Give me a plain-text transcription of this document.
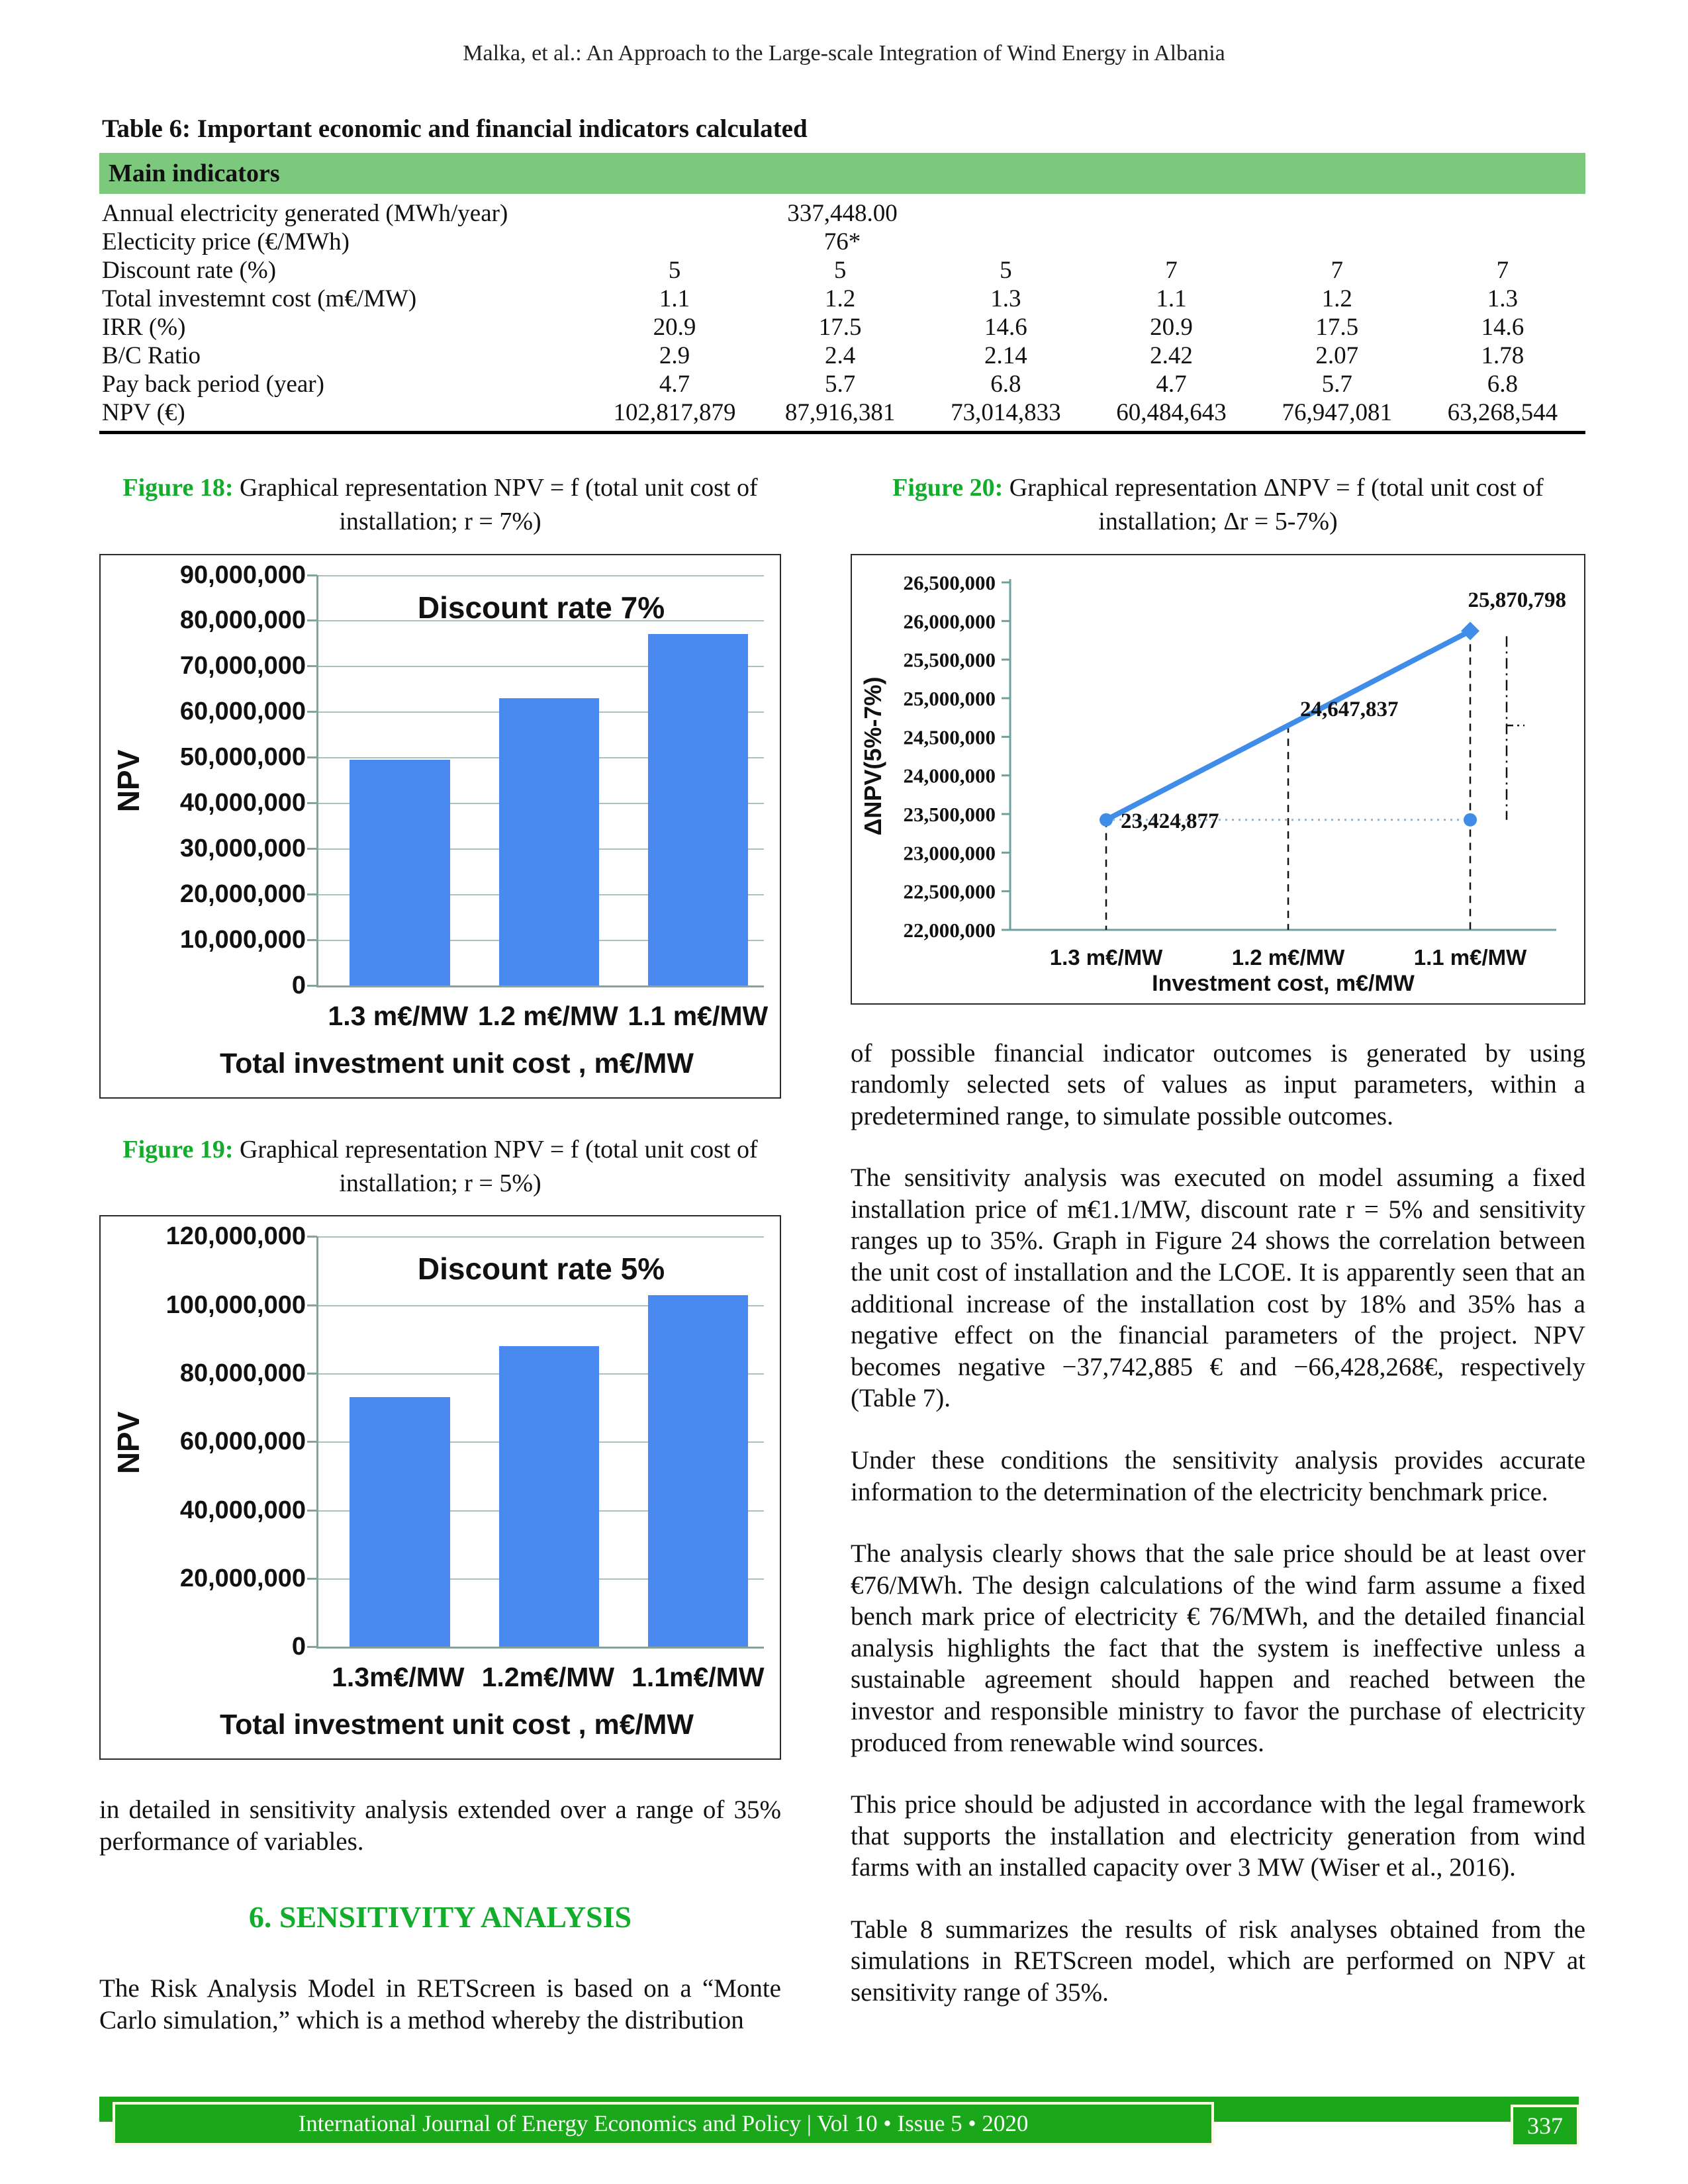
Malka, et al.: An Approach to the Large-scale Integration of Wind Energy in Albania
Table 6: Important economic and financial indicators calculated
Main indicators
Annual electricity generated (MWh/year)	337,448.00
Electicity price (€/MWh)	76*
Discount rate (%)	5	5	5	7	7	7
Total investemnt cost (m€/MW)	1.1	1.2	1.3	1.1	1.2	1.3
IRR (%)	20.9	17.5	14.6	20.9	17.5	14.6
B/C Ratio	2.9	2.4	2.14	2.42	2.07	1.78
Pay back period (year)	4.7	5.7	6.8	4.7	5.7	6.8
NPV (€)	102,817,879	87,916,381	73,014,833	60,484,643	76,947,081	63,268,544
Figure 18: Graphical representation NPV = f (total unit cost of
installation; r = 7%)
NPV
90,000,000
80,000,000
70,000,000
60,000,000
50,000,000
40,000,000
30,000,000
20,000,000
10,000,000
0
Discount rate 7%
1.3 m€/MW 1.2 m€/MW 1.1 m€/MW
Total investment unit cost , m€/MW
Figure 19: Graphical representation NPV = f (total unit cost of
installation; r = 5%)
NPV
120,000,000
100,000,000
80,000,000
60,000,000
40,000,000
20,000,000
0
Discount rate 5%
1.3m€/MW 1.2m€/MW 1.1m€/MW
Total investment unit cost , m€/MW

in detailed in sensitivity analysis extended over a range of 35% performance of variables.

6. SENSITIVITY ANALYSIS

The Risk Analysis Model in RETScreen is based on a “Monte Carlo simulation,” which is a method whereby the distribution

Figure 20: Graphical representation ΔNPV = f (total unit cost of
installation; Δr = 5-7%)
26,500,000
26,000,000
25,500,000
25,000,000
24,500,000
24,000,000
23,500,000
23,000,000
22,500,000
22,000,000
23,424,877
24,647,837
25,870,798
1.3 m€/MW	1.2 m€/MW	1.1 m€/MW
Investment cost, m€/MW
ΔNPV(5%-7%)

of possible financial indicator outcomes is generated by using randomly selected sets of values as input parameters, within a predetermined range, to simulate possible outcomes.

The sensitivity analysis was executed on model assuming a fixed installation price of m€1.1/MW, discount rate r = 5% and sensitivity ranges up to 35%. Graph in Figure 24 shows the correlation between the unit cost of installation and the LCOE. It is apparently seen that an additional increase of the installation cost by 18% and 35% has a negative effect on the financial parameters of the project. NPV becomes negative −37,742,885 € and −66,428,268€, respectively (Table 7).

Under these conditions the sensitivity analysis provides accurate information to the determination of the electricity benchmark price.

The analysis clearly shows that the sale price should be at least over €76/MWh. The design calculations of the wind farm assume a fixed bench mark price of electricity € 76/MWh, and the detailed financial analysis highlights the fact that the system is ineffective unless a sustainable agreement should happen and reached between the investor and responsible ministry to favor the purchase of electricity produced from renewable wind sources.

This price should be adjusted in accordance with the legal framework that supports the installation and electricity generation from wind farms with an installed capacity over 3 MW (Wiser et al., 2016).

Table 8 summarizes the results of risk analyses obtained from the simulations in RETScreen model, which are performed on NPV at sensitivity range of 35%.

International Journal of Energy Economics and Policy | Vol 10 • Issue 5 • 2020	337
